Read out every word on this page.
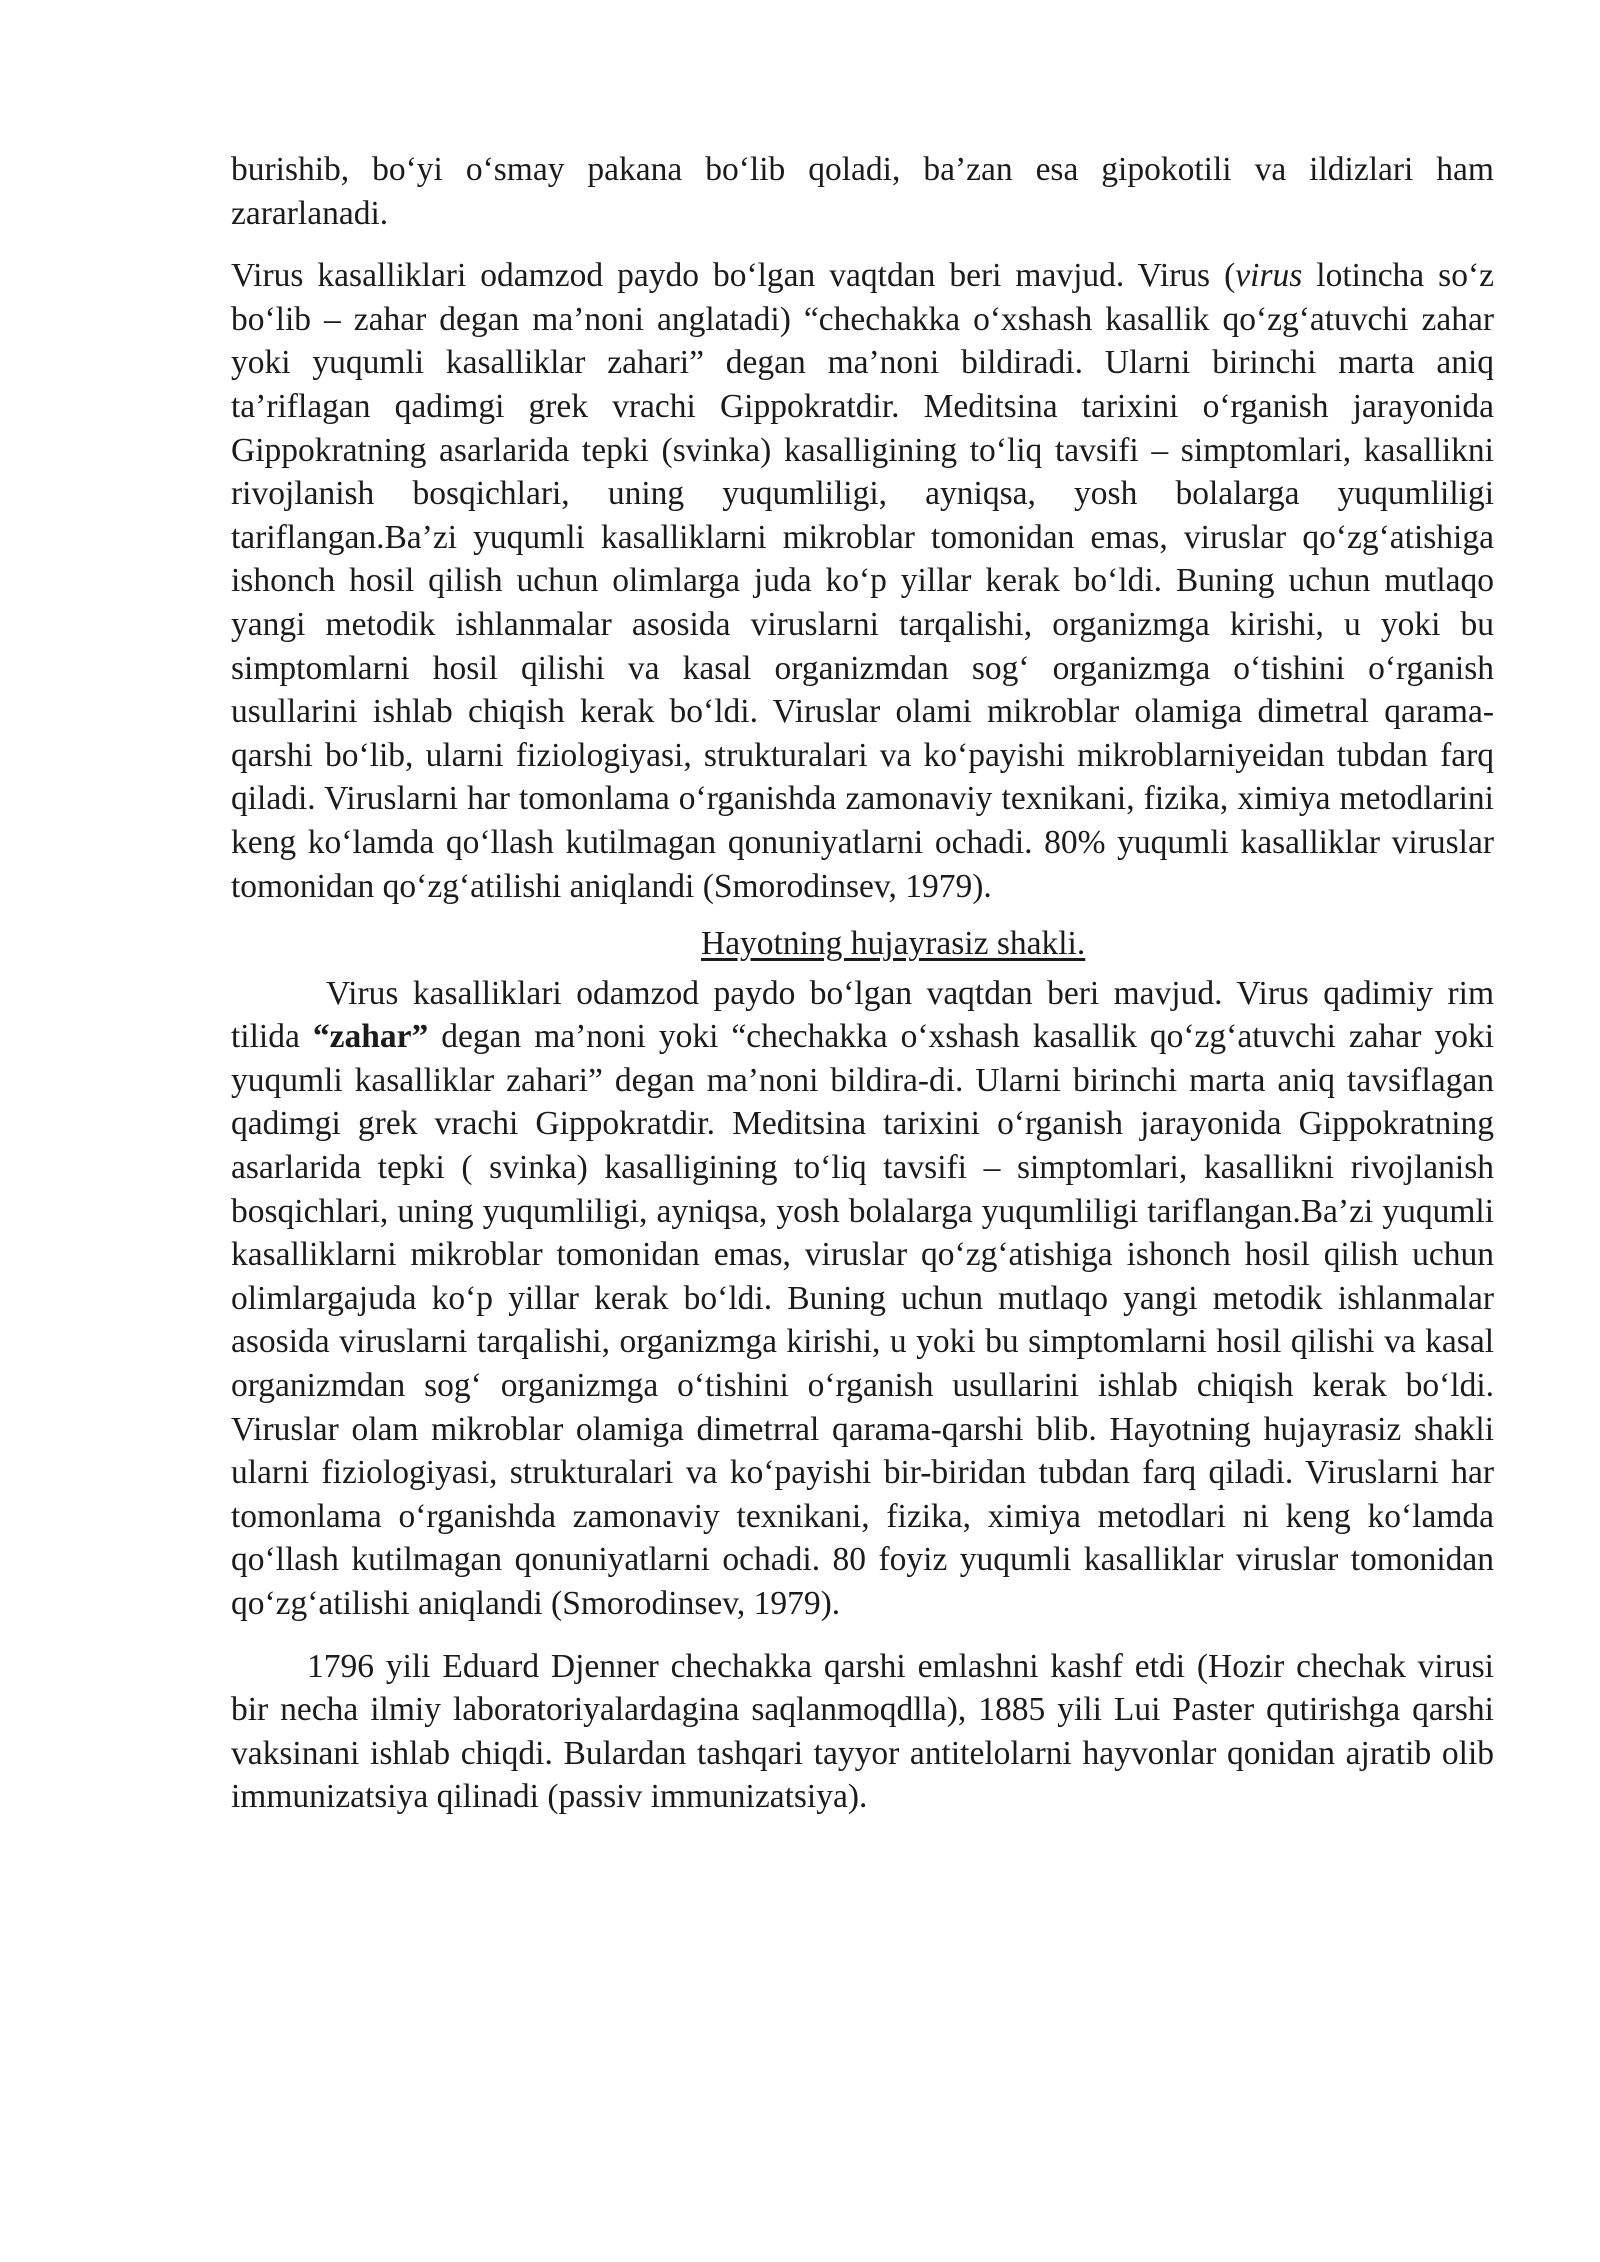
burishib, bo‘yi o‘smay pakana bo‘lib qoladi, ba’zan esa gipokotili va ildizlari ham zararlanadi.

Virus kasalliklari odamzod paydo bo‘lgan vaqtdan beri mavjud. Virus (virus lotincha so‘z bo‘lib – zahar degan ma’noni anglatadi) “chechakka o‘xshash kasallik qo‘zg‘atuvchi zahar yoki yuqumli kasalliklar zahari” degan ma’noni bildiradi. Ularni birinchi marta aniq ta’riflagan qadimgi grek vrachi Gippokratdir. Meditsina tarixini o‘rganish jarayonida Gippokratning asarlarida tepki (svinka) kasalligining to‘liq tavsifi – simptomlari, kasallikni rivojlanish bosqichlari, uning yuqumliligi, ayniqsa, yosh bolalarga yuqumliligi tariflangan.Ba’zi yuqumli kasalliklarni mikroblar tomonidan emas, viruslar qo‘zg‘atishiga ishonch hosil qilish uchun olimlarga juda ko‘p yillar kerak bo‘ldi. Buning uchun mutlaqo yangi metodik ishlanmalar asosida viruslarni tarqalishi, organizmga kirishi, u yoki bu simptomlarni hosil qilishi va kasal organizmdan sog‘ organizmga o‘tishini o‘rganish usullarini ishlab chiqish kerak bo‘ldi. Viruslar olami mikroblar olamiga dimetral qarama-qarshi bo‘lib, ularni fiziologiyasi, strukturalari va ko‘payishi mikroblarniyeidan tubdan farq qiladi. Viruslarni har tomonlama o‘rganishda zamonaviy texnikani, fizika, ximiya metodlarini keng ko‘lamda qo‘llash kutilmagan qonuniyatlarni ochadi. 80% yuqumli kasalliklar viruslar tomonidan qo‘zg‘atilishi aniqlandi (Smorodinsev, 1979).

Hayotning hujayrasiz shakli.

Virus kasalliklari odamzod paydo bo‘lgan vaqtdan beri mavjud. Virus qadimiy rim tilida “zahar” degan ma’noni yoki “chechakka o‘xshash kasallik qo‘zg‘atuvchi zahar yoki yuqumli kasalliklar zahari” degan ma’noni bildira-di. Ularni birinchi marta aniq tavsiflagan qadimgi grek vrachi Gippokratdir. Meditsina tarixini o‘rganish jarayonida Gippokratning asarlarida tepki ( svinka) kasalligining to‘liq tavsifi – simptomlari, kasallikni rivojlanish bosqichlari, uning yuqumliligi, ayniqsa, yosh bolalarga yuqumliligi tariflangan.Ba’zi yuqumli kasalliklarni mikroblar tomonidan emas, viruslar qo‘zg‘atishiga ishonch hosil qilish uchun olimlargajuda ko‘p yillar kerak bo‘ldi. Buning uchun mutlaqo yangi metodik ishlanmalar asosida viruslarni tarqalishi, organizmga kirishi, u yoki bu simptomlarni hosil qilishi va kasal organizmdan sog‘ organizmga o‘tishini o‘rganish usullarini ishlab chiqish kerak bo‘ldi. Viruslar olam mikroblar olamiga dimetrral qarama-qarshi blib. Hayotning hujayrasiz shakli ularni fiziologiyasi, strukturalari va ko‘payishi bir-biridan tubdan farq qiladi. Viruslarni har tomonlama o‘rganishda zamonaviy texnikani, fizika, ximiya metodlari ni keng ko‘lamda qo‘llash kutilmagan qonuniyatlarni ochadi. 80 foyiz yuqumli kasalliklar viruslar tomonidan qo‘zg‘atilishi aniqlandi (Smorodinsev, 1979).

1796 yili Eduard Djenner chechakka qarshi emlashni kashf etdi (Hozir chechak virusi bir necha ilmiy laboratoriyalardagina saqlanmoqdlla), 1885 yili Lui Paster qutirishga qarshi vaksinani ishlab chiqdi. Bulardan tashqari tayyor antitelolarni hayvonlar qonidan ajratib olib immunizatsiya qilinadi (passiv immunizatsiya).
